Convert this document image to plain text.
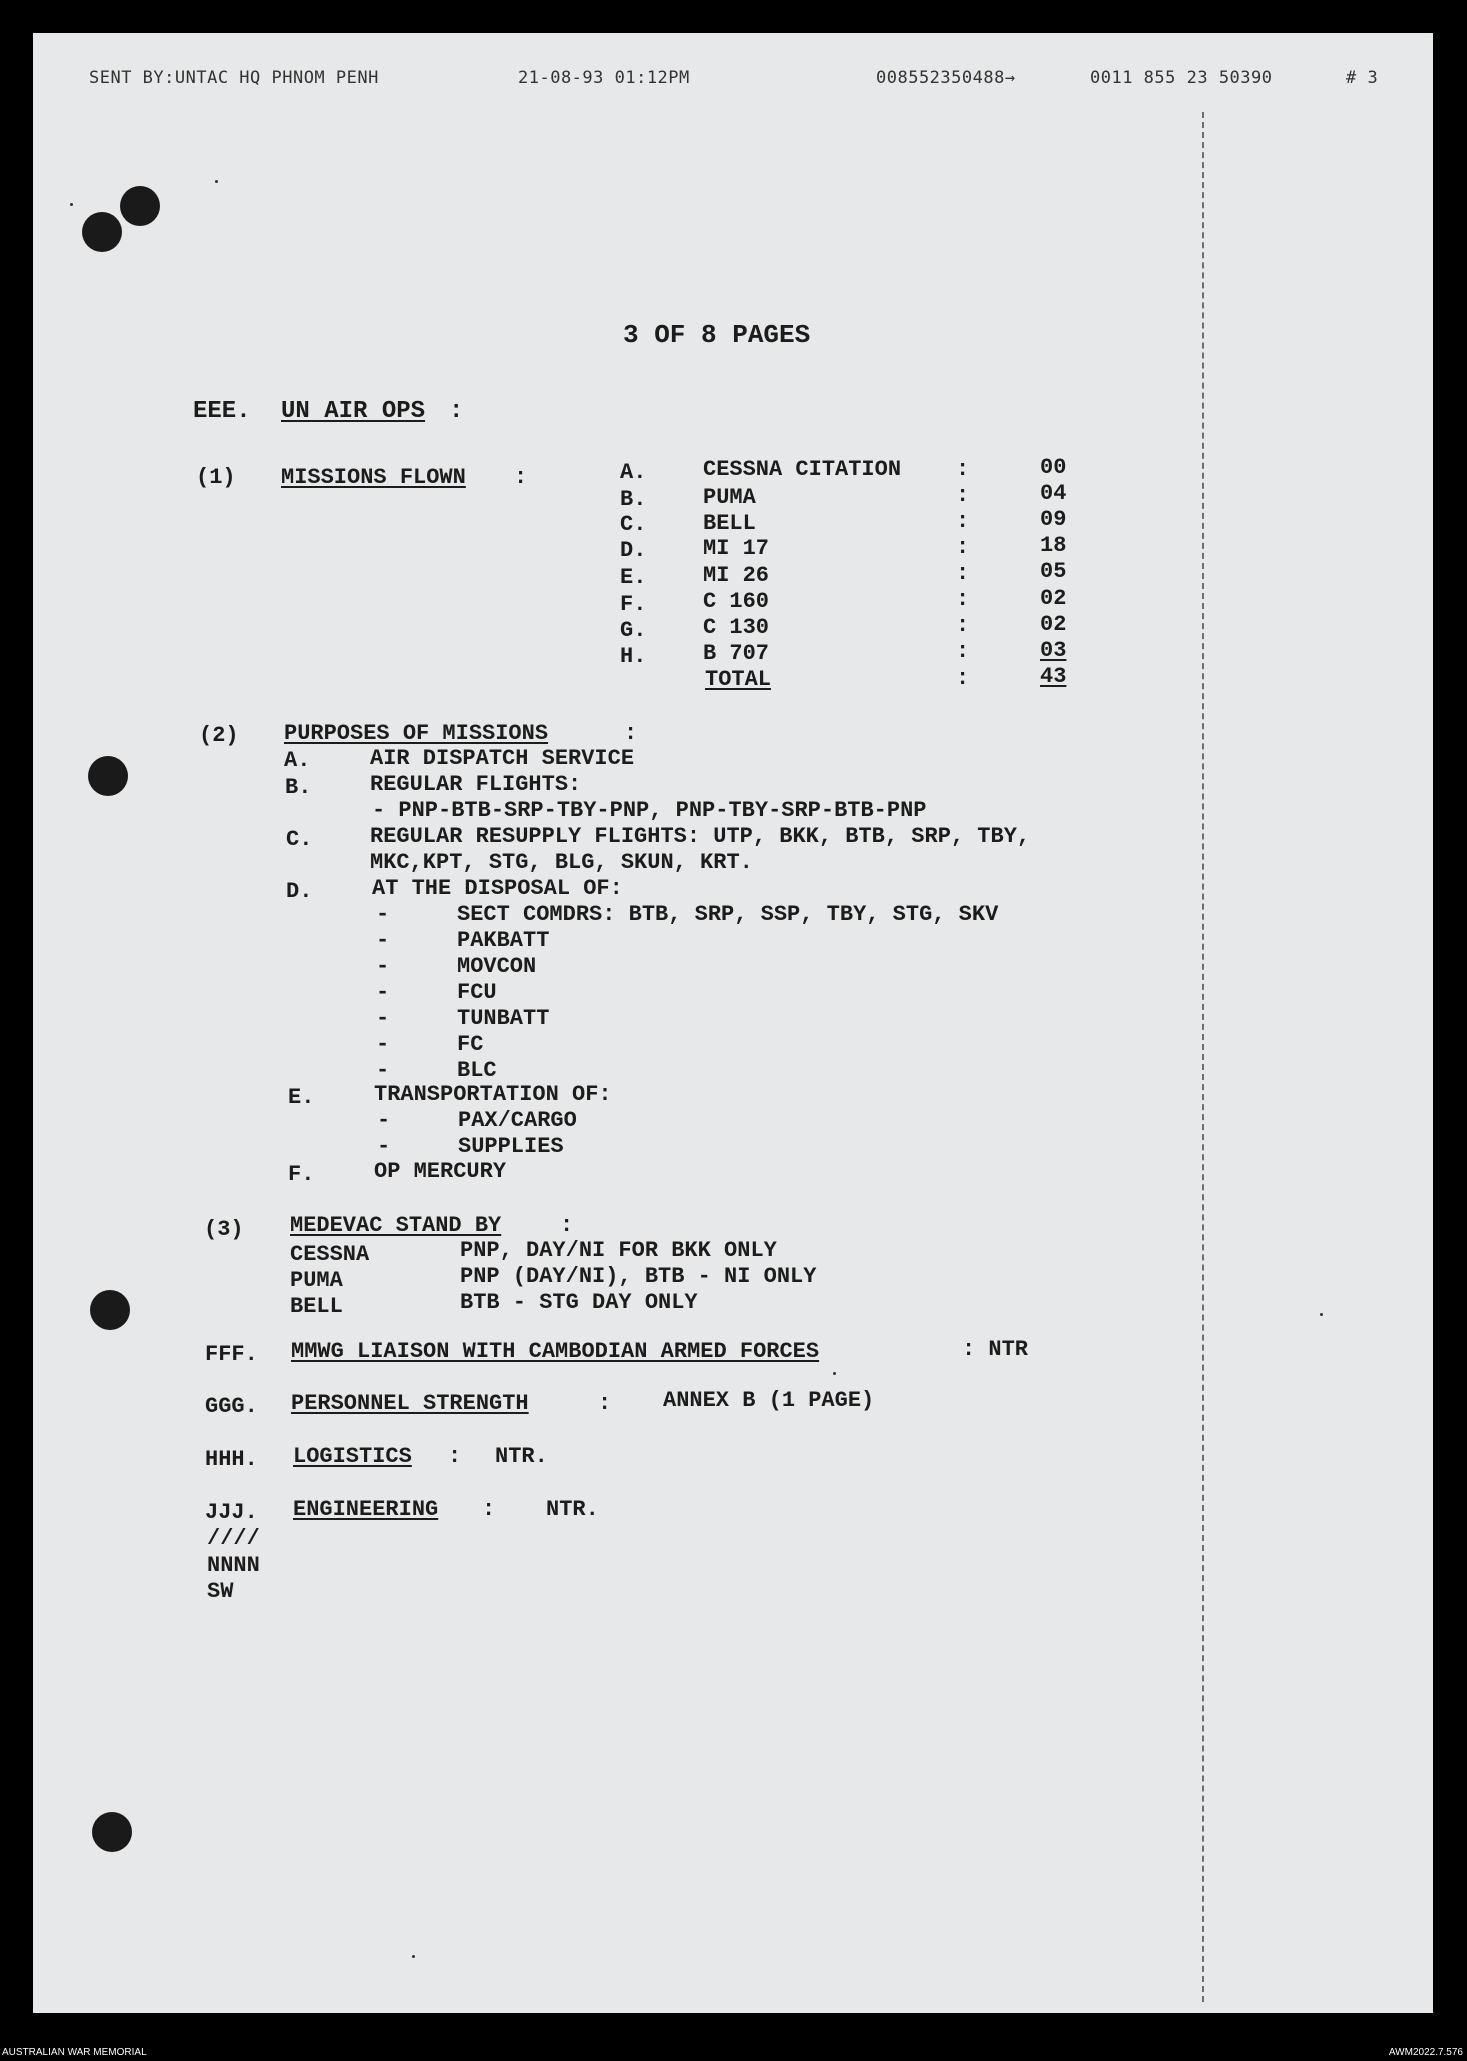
SENT BY:UNTAC HQ PHNOM PENH	21-08-93 01:12PM	008552350488→	0011 855 23 50390	# 3
3 OF 8 PAGES
EEE. UN AIR OPS :
(1) MISSIONS FLOWN :	A.	CESSNA CITATION :	00
B.	PUMA	:	04
C.	BELL	:	09
D.	MI 17	:	18
E.	MI 26	:	05
F.	C 160	:	02
G.	C 130	:	02
H.	B 707	:	03
TOTAL	:	43
(2) PURPOSES OF MISSIONS	:
A.	AIR DISPATCH SERVICE
B.	REGULAR FLIGHTS:
- PNP-BTB-SRP-TBY-PNP, PNP-TBY-SRP-BTB-PNP
C.	REGULAR RESUPPLY FLIGHTS: UTP, BKK, BTB, SRP, TBY,
MKC,KPT, STG, BLG, SKUN, KRT.
D.	AT THE DISPOSAL OF:
-	SECT COMDRS: BTB, SRP, SSP, TBY, STG, SKV
-	PAKBATT
-	MOVCON
-	FCU
-	TUNBATT
-	FC
-	BLC
E.	TRANSPORTATION OF:
-	PAX/CARGO
-	SUPPLIES
F.	OP MERCURY
(3) MEDEVAC STAND BY	:
CESSNA	PNP, DAY/NI FOR BKK ONLY
PUMA	PNP (DAY/NI), BTB - NI ONLY
BELL	BTB - STG DAY ONLY
FFF. MMWG LIAISON WITH CAMBODIAN ARMED FORCES	: NTR
GGG. PERSONNEL STRENGTH	: ANNEX B (1 PAGE)
HHH. LOGISTICS : NTR.
JJJ. ENGINEERING : NTR.
////
NNNN
SW
AUSTRALIAN WAR MEMORIAL	AWM2022.7.576
